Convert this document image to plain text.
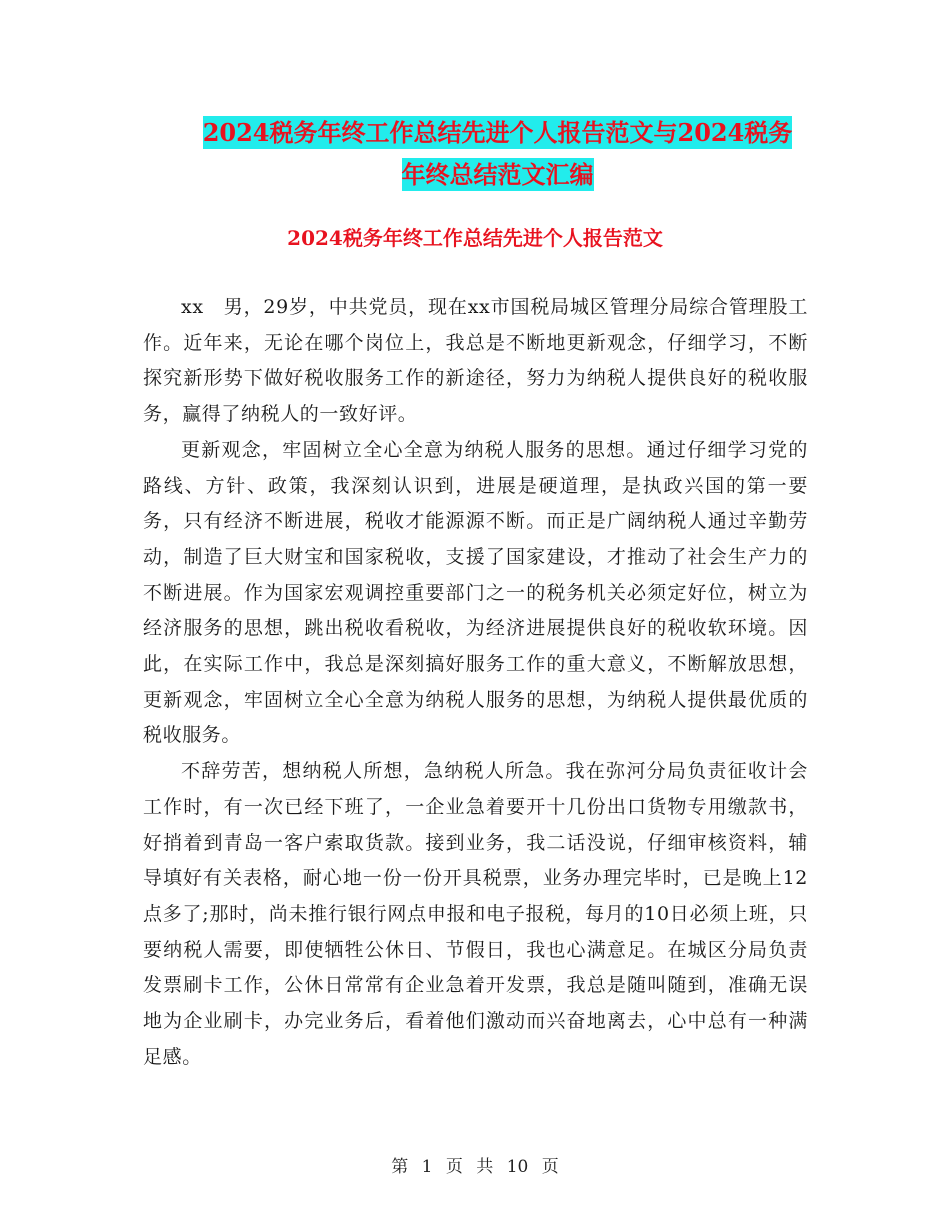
2024税务年终工作总结先进个人报告范文与2024税务
年终总结范文汇编
2024税务年终工作总结先进个人报告范文

xx　男，29岁，中共党员，现在xx市国税局城区管理分局综合管理股工作。近年来，无论在哪个岗位上，我总是不断地更新观念，仔细学习，不断探究新形势下做好税收服务工作的新途径，努力为纳税人提供良好的税收服务，赢得了纳税人的一致好评。

更新观念，牢固树立全心全意为纳税人服务的思想。通过仔细学习党的路线、方针、政策，我深刻认识到，进展是硬道理，是执政兴国的第一要务，只有经济不断进展，税收才能源源不断。而正是广阔纳税人通过辛勤劳动，制造了巨大财宝和国家税收，支援了国家建设，才推动了社会生产力的不断进展。作为国家宏观调控重要部门之一的税务机关必须定好位，树立为经济服务的思想，跳出税收看税收，为经济进展提供良好的税收软环境。因此，在实际工作中，我总是深刻搞好服务工作的重大意义，不断解放思想，更新观念，牢固树立全心全意为纳税人服务的思想，为纳税人提供最优质的税收服务。

不辞劳苦，想纳税人所想，急纳税人所急。我在弥河分局负责征收计会工作时，有一次已经下班了，一企业急着要开十几份出口货物专用缴款书，好捎着到青岛一客户索取货款。接到业务，我二话没说，仔细审核资料，辅导填好有关表格，耐心地一份一份开具税票，业务办理完毕时，已是晚上12点多了;那时，尚未推行银行网点申报和电子报税，每月的10日必须上班，只要纳税人需要，即使牺牲公休日、节假日，我也心满意足。在城区分局负责发票刷卡工作，公休日常常有企业急着开发票，我总是随叫随到，准确无误地为企业刷卡，办完业务后，看着他们激动而兴奋地离去，心中总有一种满足感。

第 1 页 共 10 页
